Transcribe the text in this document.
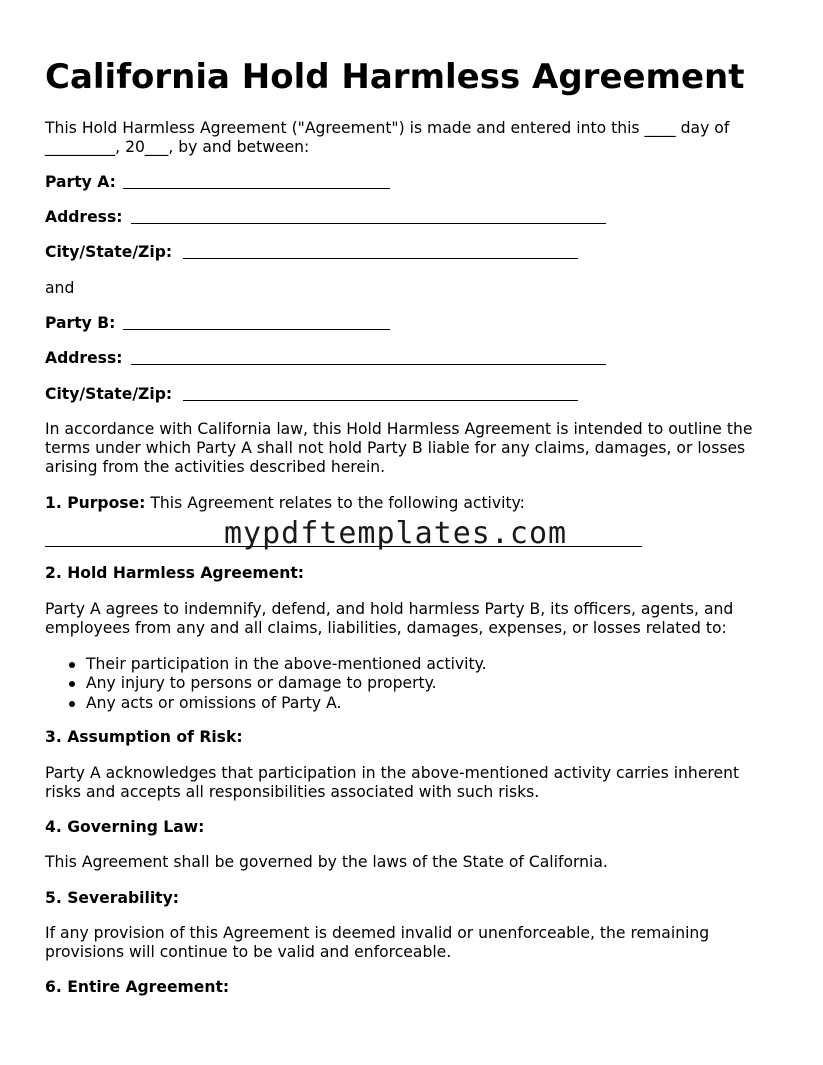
California Hold Harmless Agreement

This Hold Harmless Agreement ("Agreement") is made and entered into this ____ day of

_________, 20___, by and between:

Party A:

Address:

City/State/Zip:

and

Party B:

Address:

City/State/Zip:

In accordance with California law, this Hold Harmless Agreement is intended to outline the

terms under which Party A shall not hold Party B liable for any claims, damages, or losses

arising from the activities described herein.

1. Purpose: This Agreement relates to the following activity:

mypdftemplates.com

2. Hold Harmless Agreement:

Party A agrees to indemnify, defend, and hold harmless Party B, its officers, agents, and

employees from any and all claims, liabilities, damages, expenses, or losses related to:

Their participation in the above-mentioned activity.
Any injury to persons or damage to property.
Any acts or omissions of Party A.

3. Assumption of Risk:

Party A acknowledges that participation in the above-mentioned activity carries inherent

risks and accepts all responsibilities associated with such risks.

4. Governing Law:

This Agreement shall be governed by the laws of the State of California.

5. Severability:

If any provision of this Agreement is deemed invalid or unenforceable, the remaining

provisions will continue to be valid and enforceable.

6. Entire Agreement:
